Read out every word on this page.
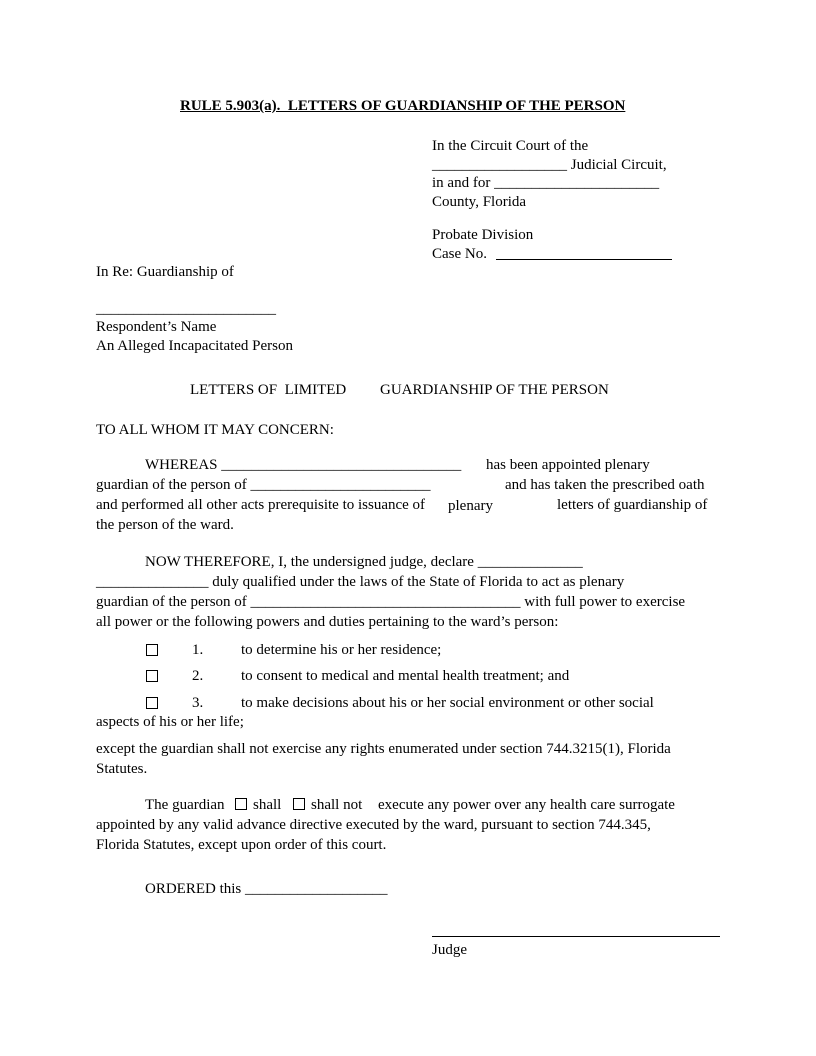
RULE 5.903(a).  LETTERS OF GUARDIANSHIP OF THE PERSON
In the Circuit Court of the
__________________ Judicial Circuit,
in and for ______________________
County, Florida
Probate Division
Case No.
In Re: Guardianship of
________________________
Respondent’s Name
An Alleged Incapacitated Person
LETTERS OF  LIMITED GUARDIANSHIP OF THE PERSON
TO ALL WHOM IT MAY CONCERN:
WHEREAS ________________________________ has been appointed plenary
guardian of the person of ________________________	and has taken the prescribed oath
and performed all other acts prerequisite to issuance of plenary	letters of guardianship of
the person of the ward.
NOW THEREFORE, I, the undersigned judge, declare ______________
_______________ duly qualified under the laws of the State of Florida to act as plenary
guardian of the person of ____________________________________ with full power to exercise
all power or the following powers and duties pertaining to the ward’s person:
1.	to determine his or her residence;
2.	to consent to medical and mental health treatment; and
3.	to make decisions about his or her social environment or other social
aspects of his or her life;
except the guardian shall not exercise any rights enumerated under section 744.3215(1), Florida
Statutes.
The guardian shall shall not execute any power over any health care surrogate
appointed by any valid advance directive executed by the ward, pursuant to section 744.345,
Florida Statutes, except upon order of this court.
ORDERED this ___________________
Judge
